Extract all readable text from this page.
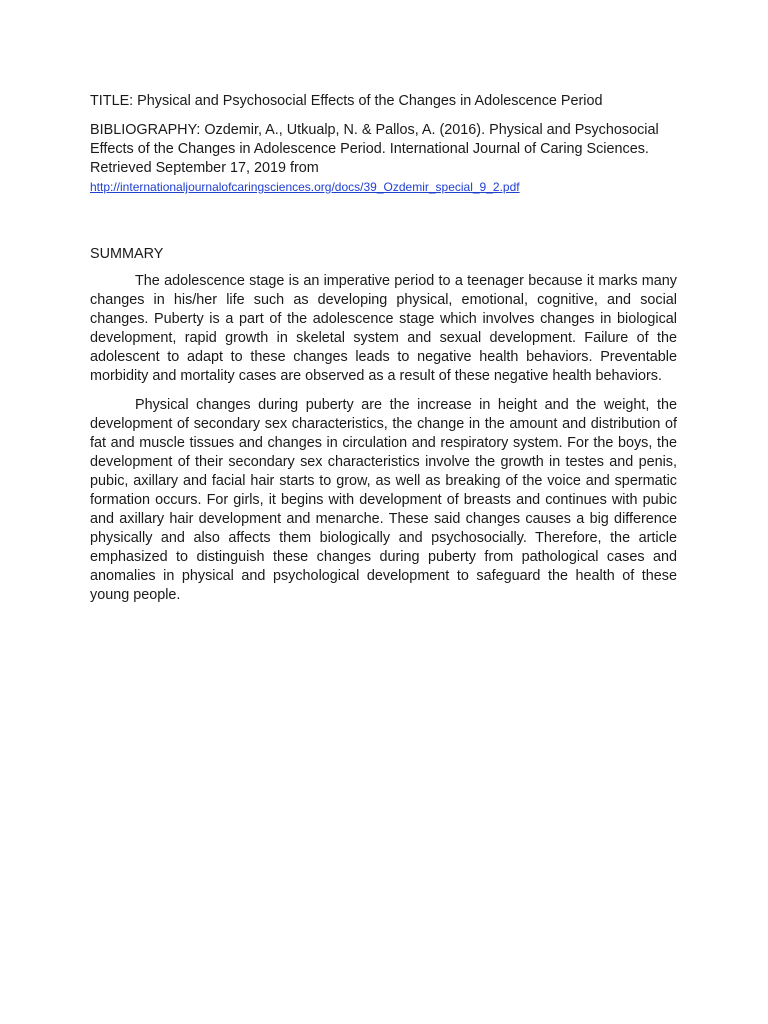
TITLE: Physical and Psychosocial Effects of the Changes in Adolescence Period

BIBLIOGRAPHY: Ozdemir, A., Utkualp, N. & Pallos, A. (2016). Physical and Psychosocial Effects of the Changes in Adolescence Period. International Journal of Caring Sciences. Retrieved September 17, 2019 from
http://internationaljournalofcaringsciences.org/docs/39_Ozdemir_special_9_2.pdf

SUMMARY

The adolescence stage is an imperative period to a teenager because it marks many changes in his/her life such as developing physical, emotional, cognitive, and social changes. Puberty is a part of the adolescence stage which involves changes in biological development, rapid growth in skeletal system and sexual development. Failure of the adolescent to adapt to these changes leads to negative health behaviors. Preventable morbidity and mortality cases are observed as a result of these negative health behaviors.

Physical changes during puberty are the increase in height and the weight, the development of secondary sex characteristics, the change in the amount and distribution of fat and muscle tissues and changes in circulation and respiratory system. For the boys, the development of their secondary sex characteristics involve the growth in testes and penis, pubic, axillary and facial hair starts to grow, as well as breaking of the voice and spermatic formation occurs. For girls, it begins with development of breasts and continues with pubic and axillary hair development and menarche. These said changes causes a big difference physically and also affects them biologically and psychosocially. Therefore, the article emphasized to distinguish these changes during puberty from pathological cases and anomalies in physical and psychological development to safeguard the health of these young people.
